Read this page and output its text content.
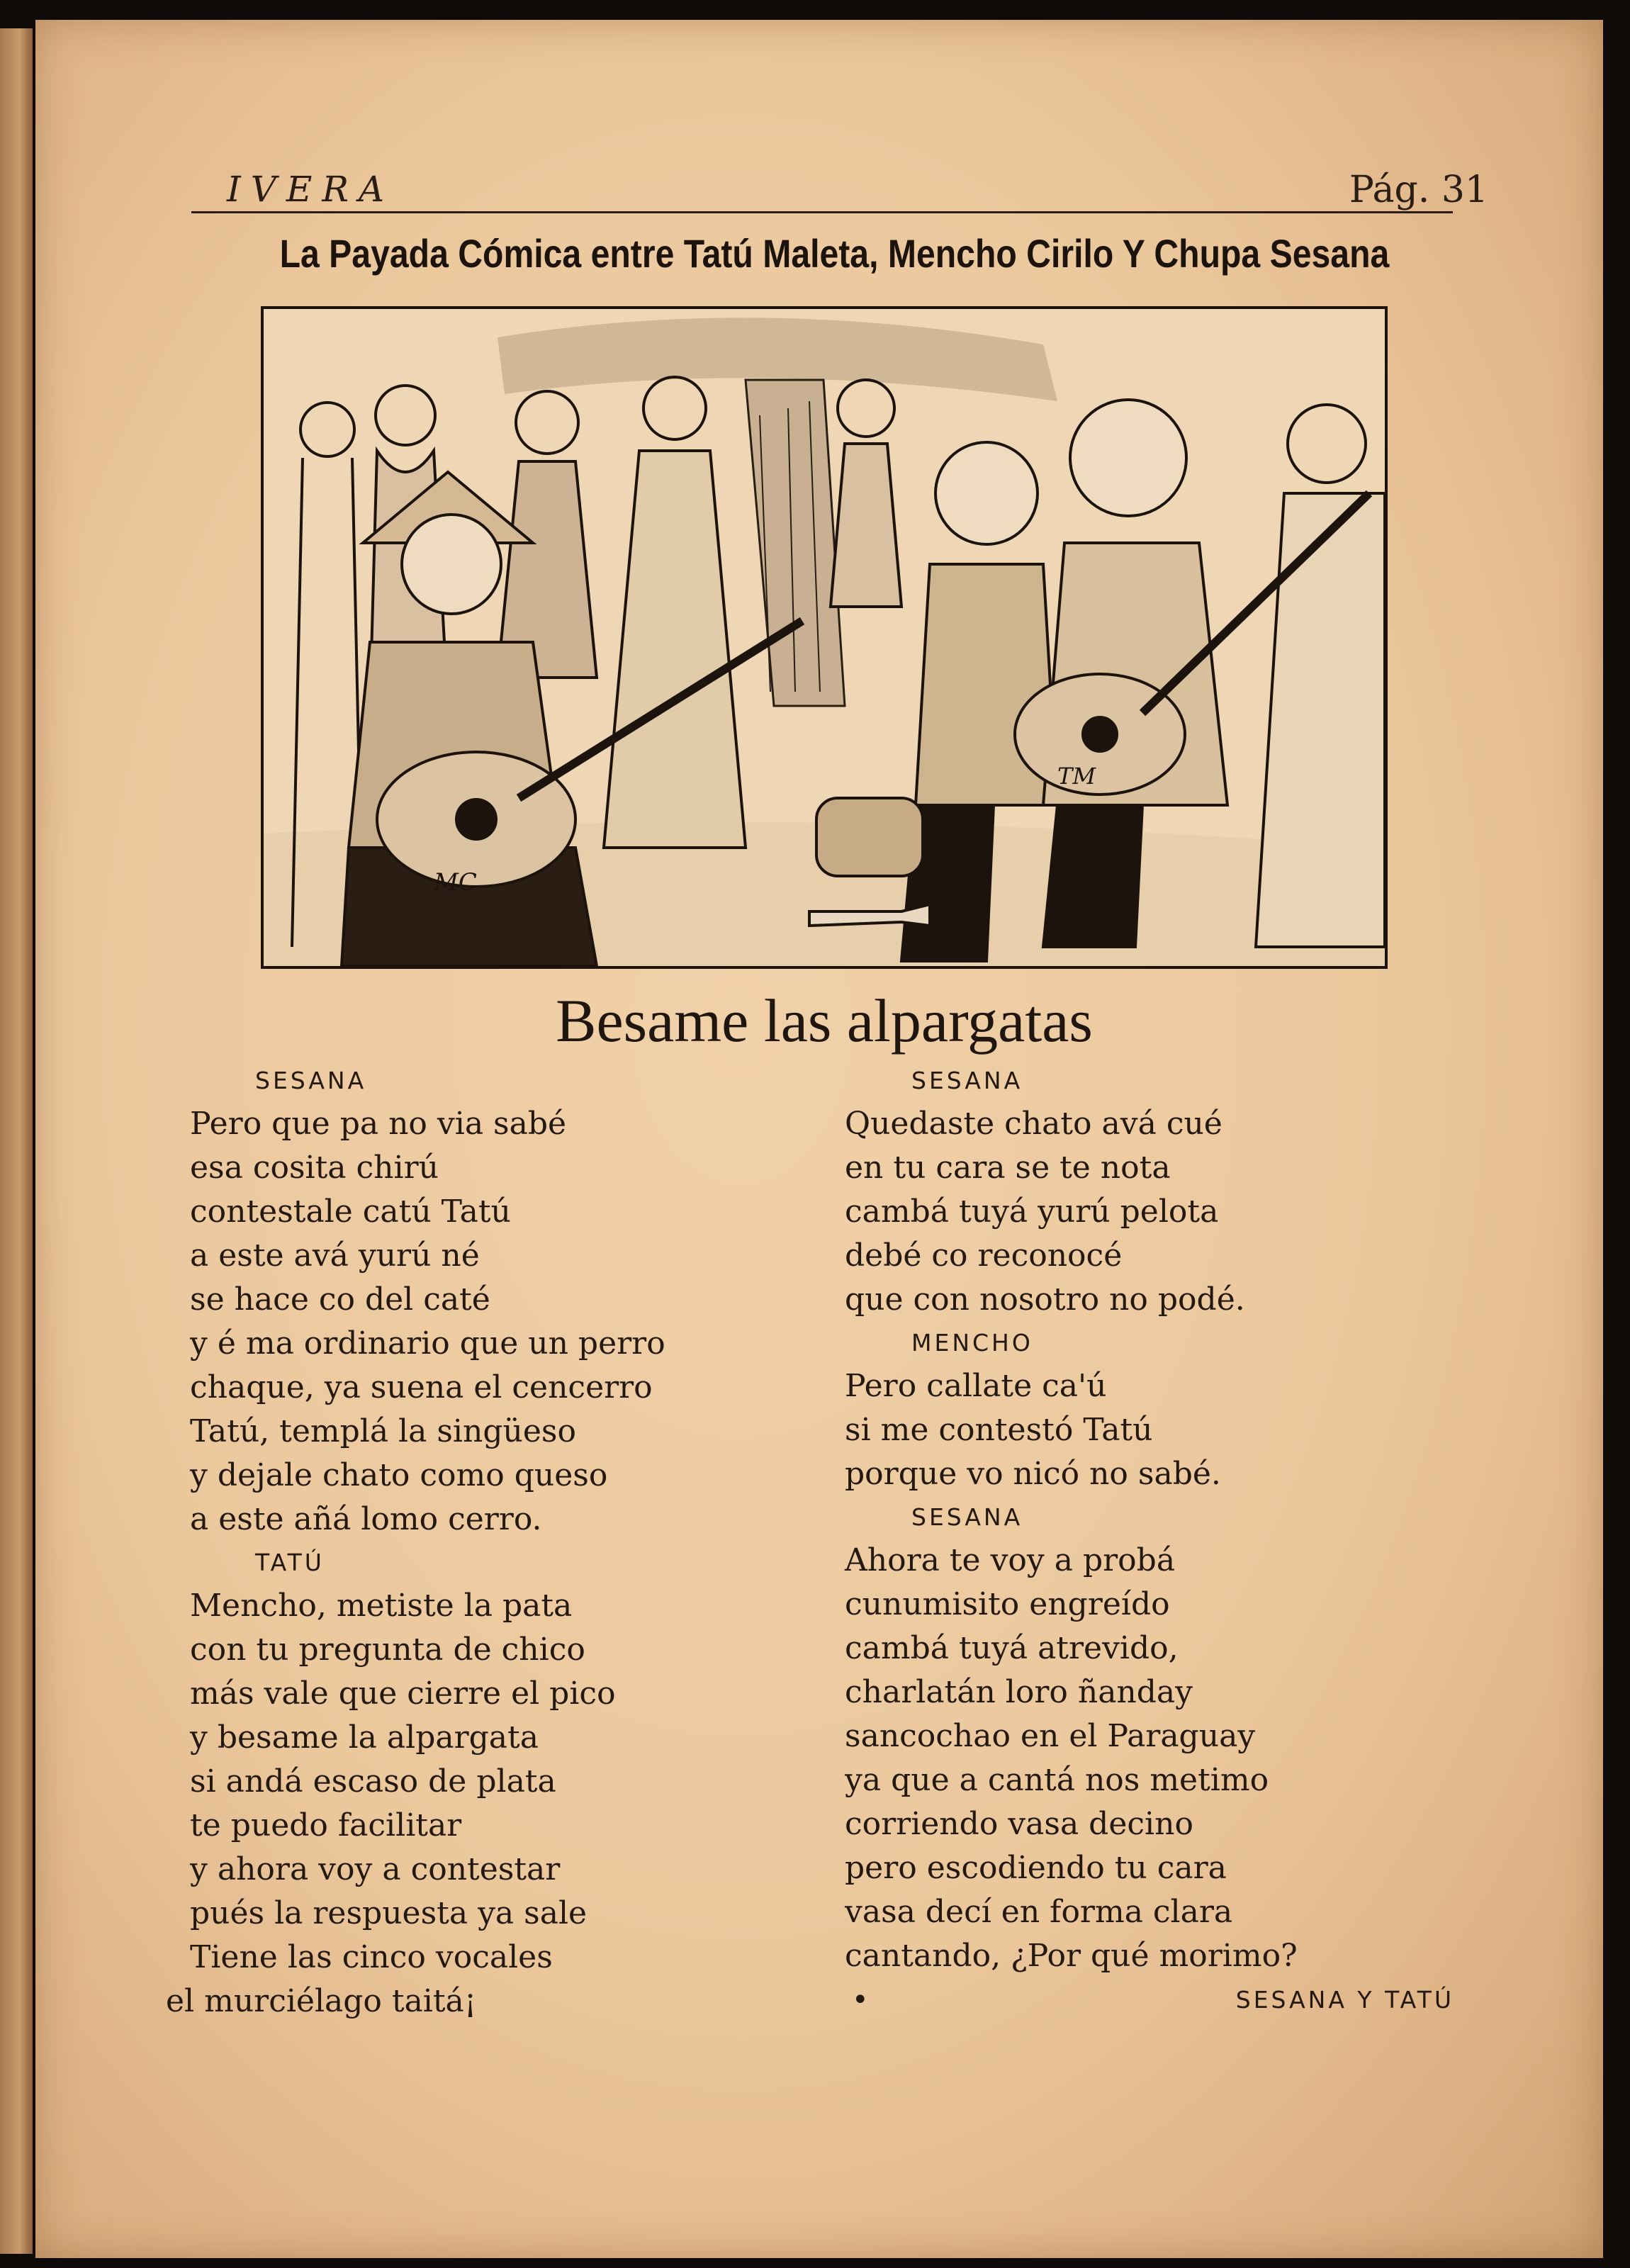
IVERA	Pág. 31
La Payada Cómica entre Tatú Maleta, Mencho Cirilo Y Chupa Sesana
MC
TM
Besame las alpargatas
SESANA
Pero que pa no via sabé
esa cosita chirú
contestale catú Tatú
a este avá yurú né
se hace co del caté
y é ma ordinario que un perro
chaque, ya suena el cencerro
Tatú, templá la singüeso
y dejale chato como queso
a este añá lomo cerro.
TATÚ
Mencho, metiste la pata
con tu pregunta de chico
más vale que cierre el pico
y besame la alpargata
si andá escaso de plata
te puedo facilitar
y ahora voy a contestar
pués la respuesta ya sale
Tiene las cinco vocales
el murciélago taitá¡
SESANA
Quedaste chato avá cué
en tu cara se te nota
cambá tuyá yurú pelota
debé co reconocé
que con nosotro no podé.
MENCHO
Pero callate ca'ú
si me contestó Tatú
porque vo nicó no sabé.
SESANA
Ahora te voy a probá
cunumisito engreído
cambá tuyá atrevido,
charlatán loro ñanday
sancochao en el Paraguay
ya que a cantá nos metimo
corriendo vasa decino
pero escodiendo tu cara
vasa decí en forma clara
cantando, ¿Por qué morimo?
•	SESANA Y TATÚ
